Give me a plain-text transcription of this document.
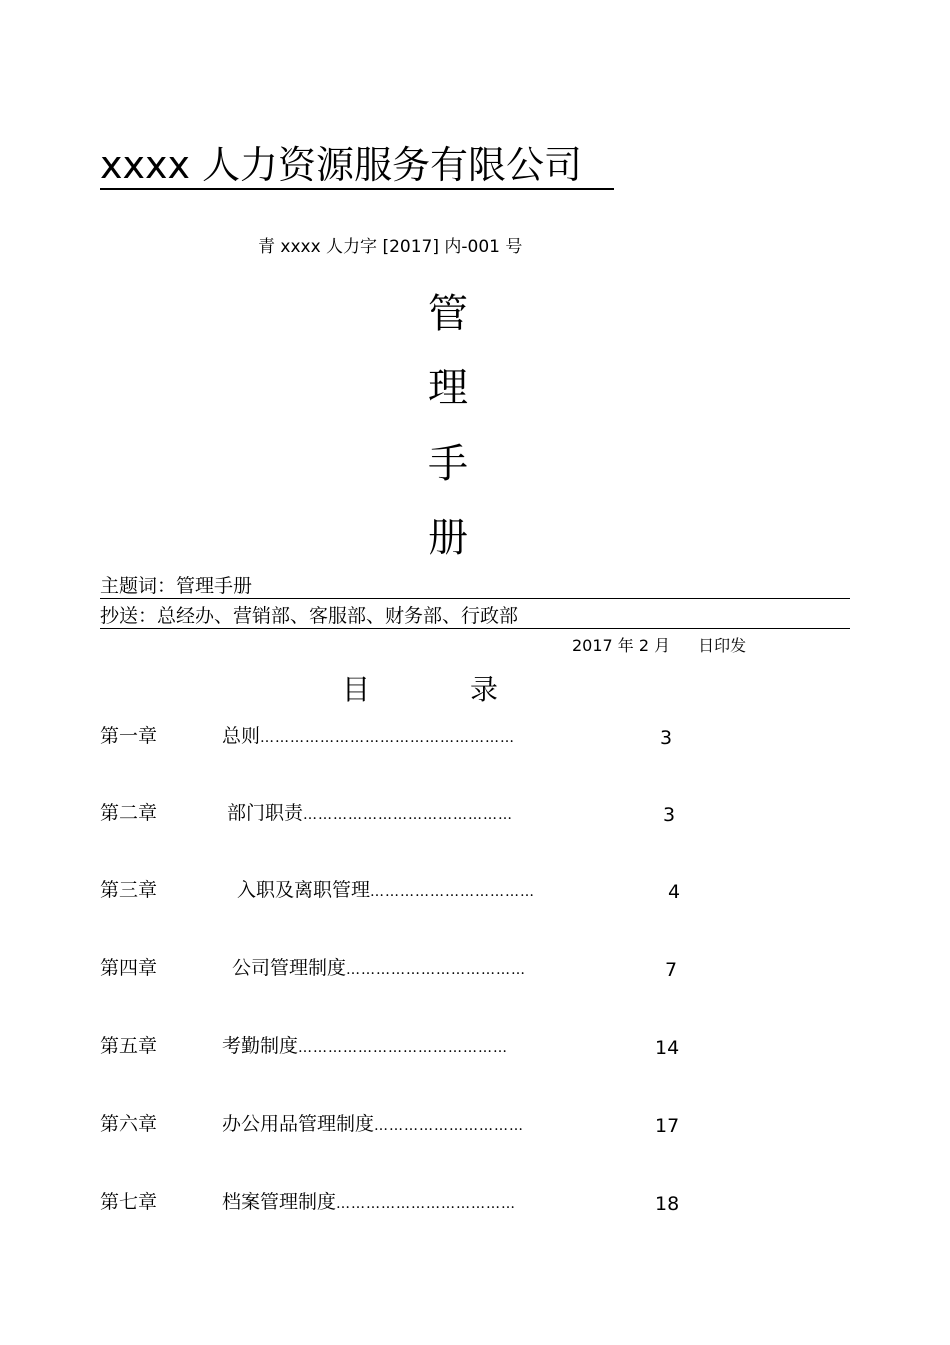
xxxx 人力资源服务有限公司
青 xxxx 人力字 [2017] 内-001 号
管
理
手
册
主题词：管理手册
抄送：总经办、营销部、客服部、财务部、行政部
2017 年 2 月 日印发
目	录
第一章	总则……………………………………………	3
第二章	部门职责……………………………………	3
第三章	入职及离职管理……………………………	4
第四章	公司管理制度………………………………	7
第五章	考勤制度……………………………………	14
第六章	办公用品管理制度…………………………	17
第七章	档案管理制度………………………………	18
